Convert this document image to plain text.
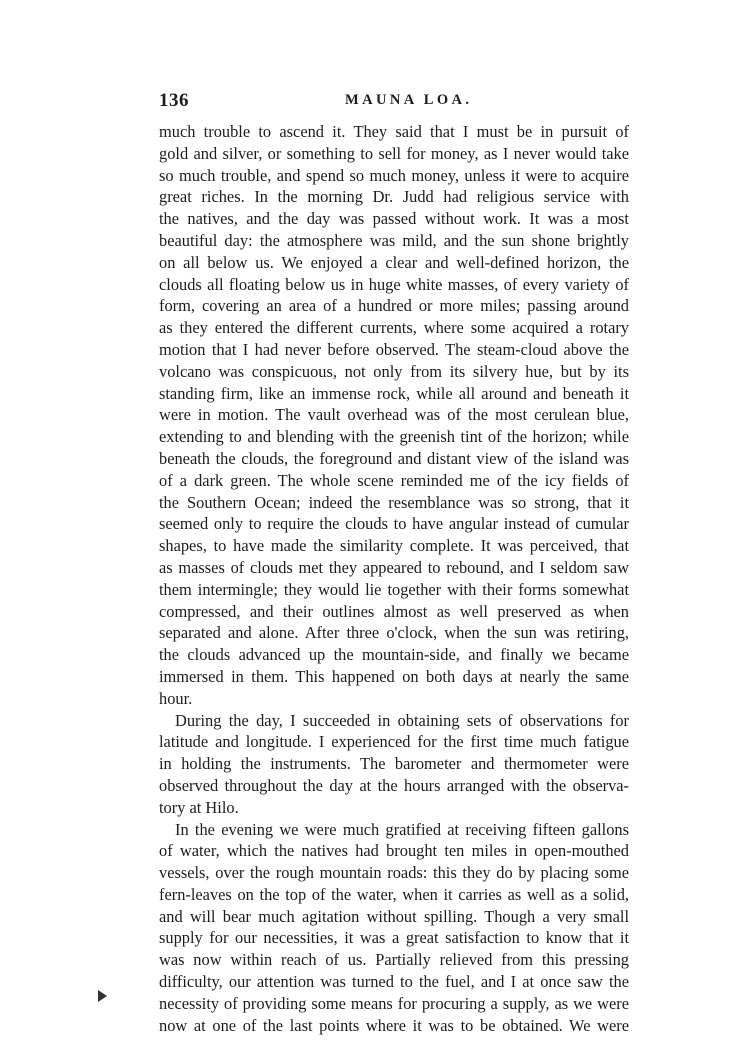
136	MAUNA LOA.
much trouble to ascend it. They said that I must be in pursuit of
gold and silver, or something to sell for money, as I never would take
so much trouble, and spend so much money, unless it were to acquire
great riches. In the morning Dr. Judd had religious service with
the natives, and the day was passed without work. It was a most
beautiful day: the atmosphere was mild, and the sun shone brightly
on all below us. We enjoyed a clear and well-defined horizon, the
clouds all floating below us in huge white masses, of every variety of
form, covering an area of a hundred or more miles; passing around
as they entered the different currents, where some acquired a rotary
motion that I had never before observed. The steam-cloud above the
volcano was conspicuous, not only from its silvery hue, but by its
standing firm, like an immense rock, while all around and beneath it
were in motion. The vault overhead was of the most cerulean blue,
extending to and blending with the greenish tint of the horizon; while
beneath the clouds, the foreground and distant view of the island was
of a dark green. The whole scene reminded me of the icy fields of
the Southern Ocean; indeed the resemblance was so strong, that it
seemed only to require the clouds to have angular instead of cumular
shapes, to have made the similarity complete. It was perceived, that
as masses of clouds met they appeared to rebound, and I seldom saw
them intermingle; they would lie together with their forms somewhat
compressed, and their outlines almost as well preserved as when
separated and alone. After three o'clock, when the sun was retiring,
the clouds advanced up the mountain-side, and finally we became
immersed in them. This happened on both days at nearly the same
hour.
During the day, I succeeded in obtaining sets of observations for
latitude and longitude. I experienced for the first time much fatigue
in holding the instruments. The barometer and thermometer were
observed throughout the day at the hours arranged with the observa-
tory at Hilo.
In the evening we were much gratified at receiving fifteen gallons
of water, which the natives had brought ten miles in open-mouthed
vessels, over the rough mountain roads: this they do by placing some
fern-leaves on the top of the water, when it carries as well as a solid,
and will bear much agitation without spilling. Though a very small
supply for our necessities, it was a great satisfaction to know that it
was now within reach of us. Partially relieved from this pressing
difficulty, our attention was turned to the fuel, and I at once saw the
necessity of providing some means for procuring a supply, as we were
now at one of the last points where it was to be obtained. We were
